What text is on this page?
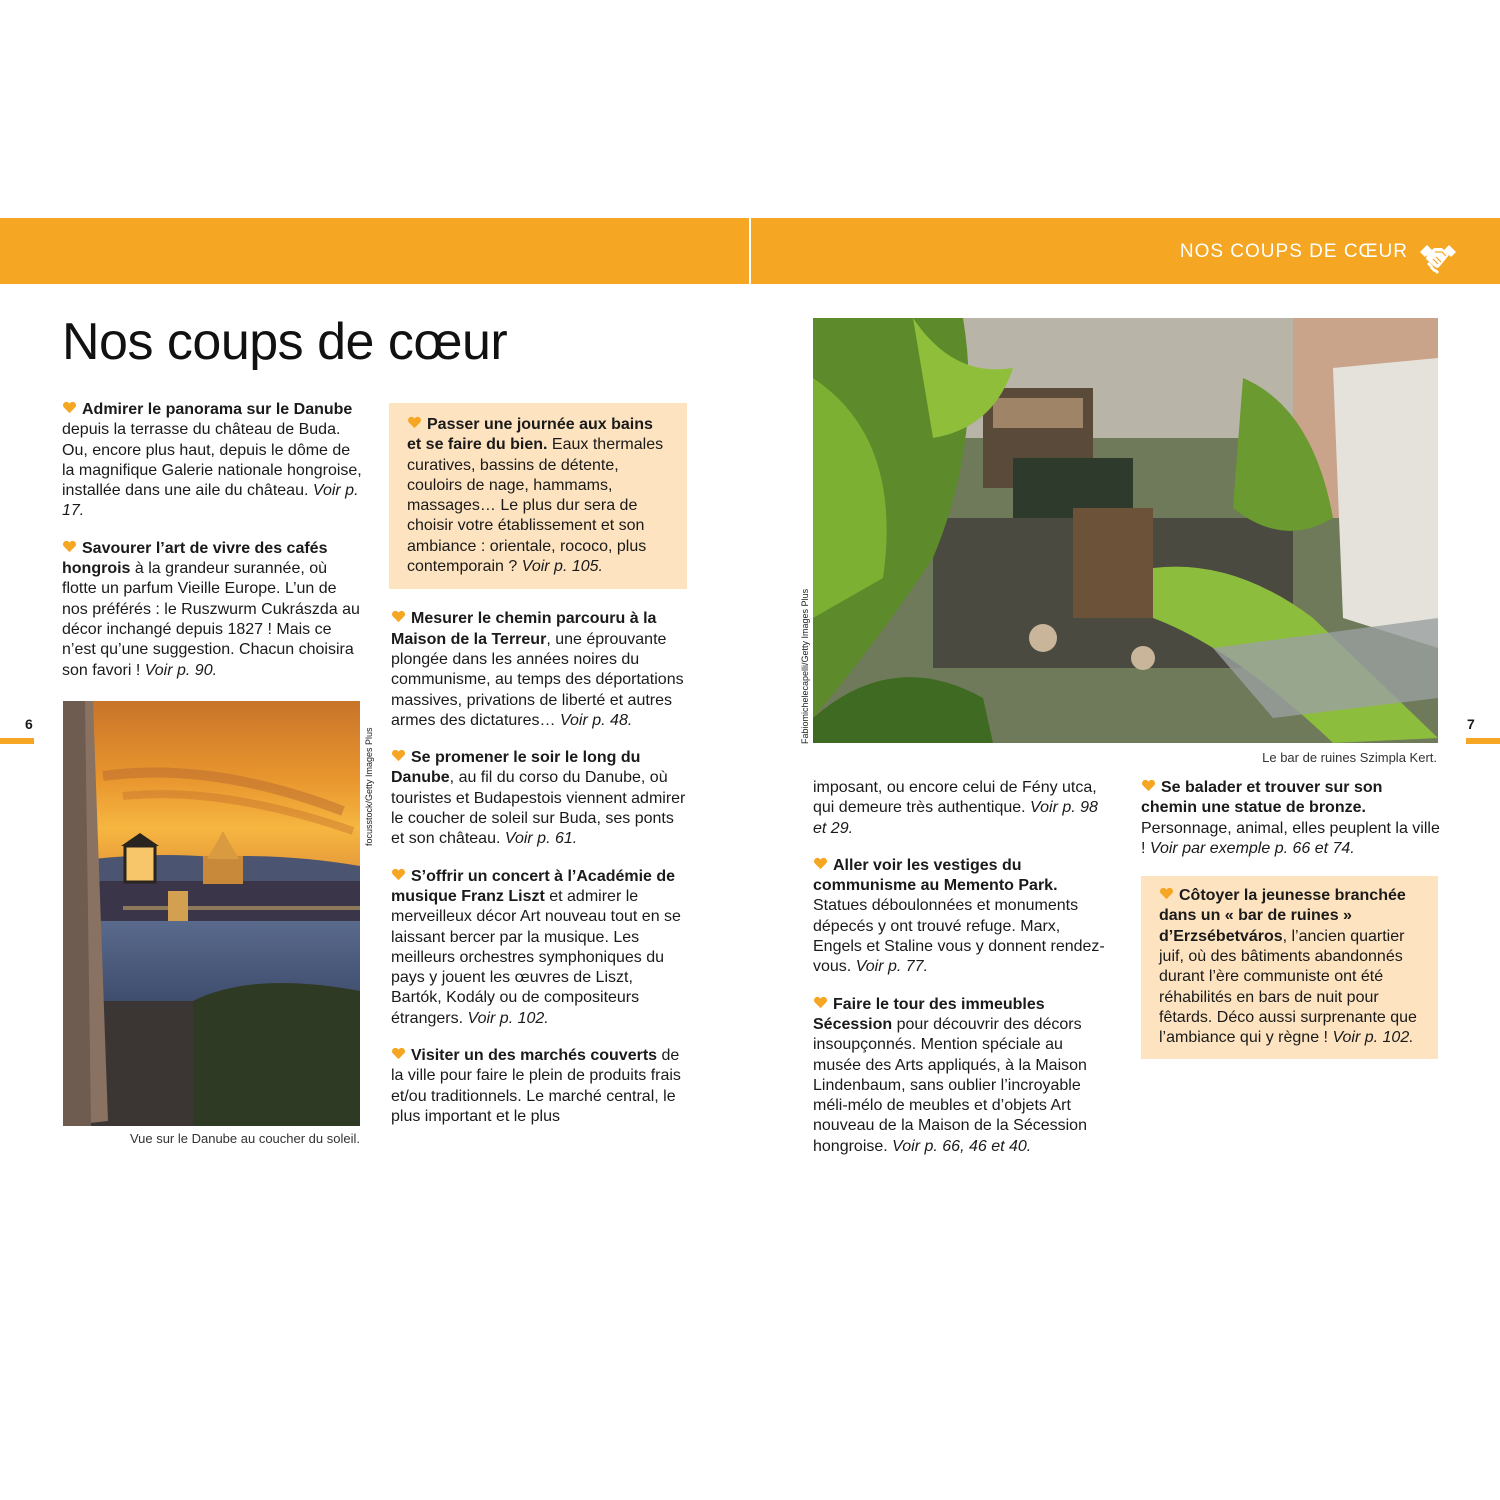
NOS COUPS DE CŒUR
Nos coups de cœur

Admirer le panorama sur le Danube depuis la terrasse du château de Buda. Ou, encore plus haut, depuis le dôme de la magnifique Galerie nationale hongroise, installée dans une aile du château. Voir p. 17.

Savourer l’art de vivre des cafés hongrois à la grandeur surannée, où flotte un parfum Vieille Europe. L’un de nos préférés : le Ruszwurm Cukrászda au décor inchangé depuis 1827 ! Mais ce n’est qu’une suggestion. Chacun choisira son favori ! Voir p. 90.

focusstock/Getty Images Plus
Vue sur le Danube au coucher du soleil.
Passer une journée aux bains et se faire du bien. Eaux thermales curatives, bassins de détente, couloirs de nage, hammams, massages… Le plus dur sera de choisir votre établissement et son ambiance : orientale, rococo, plus contemporain ? Voir p. 105.

Mesurer le chemin parcouru à la Maison de la Terreur, une éprouvante plongée dans les années noires du communisme, au temps des déportations massives, privations de liberté et autres armes des dictatures… Voir p. 48.

Se promener le soir le long du Danube, au fil du corso du Danube, où touristes et Budapestois viennent admirer le coucher de soleil sur Buda, ses ponts et son château. Voir p. 61.

S’offrir un concert à l’Académie de musique Franz Liszt et admirer le merveilleux décor Art nouveau tout en se laissant bercer par la musique. Les meilleurs orchestres symphoniques du pays y jouent les œuvres de Liszt, Bartók, Kodály ou de compositeurs étrangers. Voir p. 102.

Visiter un des marchés couverts de la ville pour faire le plein de produits frais et/ou traditionnels. Le marché central, le plus important et le plus

Fabiomichelecapelli/Getty Images Plus
Le bar de ruines Szimpla Kert.

imposant, ou encore celui de Fény utca, qui demeure très authentique. Voir p. 98 et 29.

Aller voir les vestiges du communisme au Memento Park. Statues déboulonnées et monuments dépecés y ont trouvé refuge. Marx, Engels et Staline vous y donnent rendez-vous. Voir p. 77.

Faire le tour des immeubles Sécession pour découvrir des décors insoupçonnés. Mention spéciale au musée des Arts appliqués, à la Maison Lindenbaum, sans oublier l’incroyable méli-mélo de meubles et d’objets Art nouveau de la Maison de la Sécession hongroise. Voir p. 66, 46 et 40.

Se balader et trouver sur son chemin une statue de bronze. Personnage, animal, elles peuplent la ville ! Voir par exemple p. 66 et 74.

Côtoyer la jeunesse branchée dans un « bar de ruines » d’Erzsébetváros, l’ancien quartier juif, où des bâtiments abandonnés durant l’ère communiste ont été réhabilités en bars de nuit pour fêtards. Déco aussi surprenante que l’ambiance qui y règne ! Voir p. 102.
6	7
